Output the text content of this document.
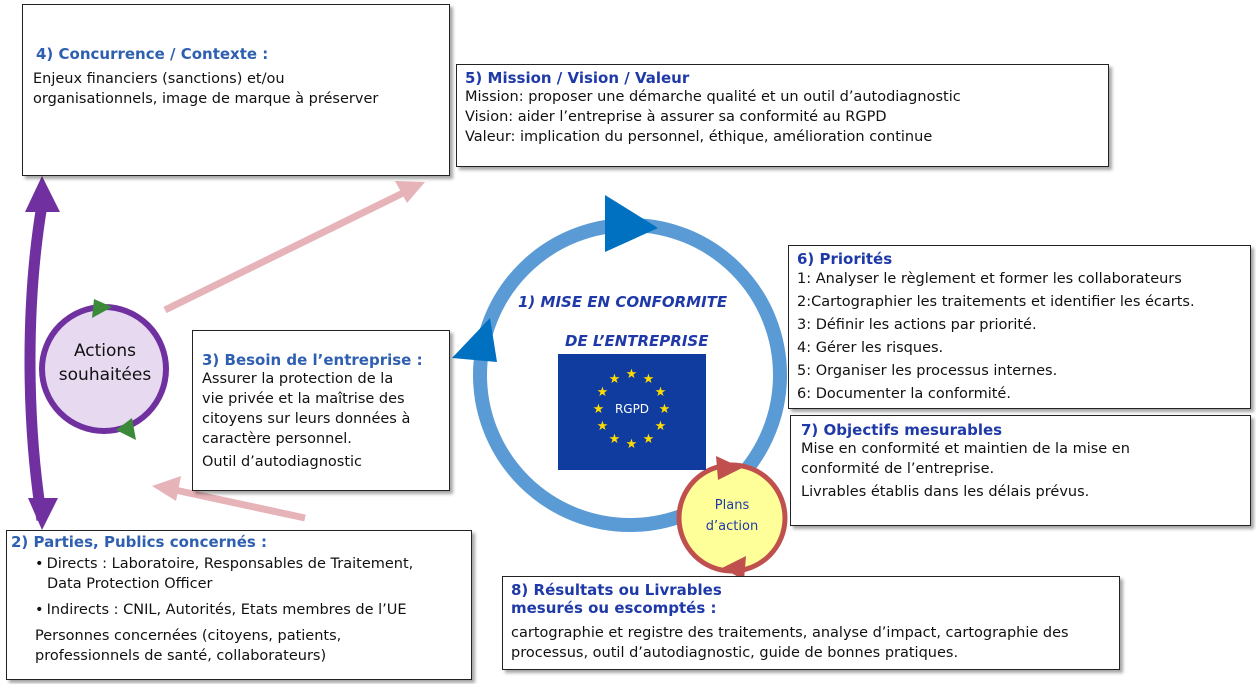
★ ★
★
★
★
★
★
★
★
★
★
★
RGPD
1) MISE EN CONFORMITE
DE L’ENTREPRISE
Actions
souhaitées
Plans
d’action
4) Concurrence / Contexte :
Enjeux financiers (sanctions) et/ou
organisationnels, image de marque à préserver
5) Mission / Vision / Valeur
Mission: proposer une démarche qualité et un outil d’autodiagnostic
Vision: aider l’entreprise à assurer sa conformité au RGPD
Valeur: implication du personnel, éthique, amélioration continue
6) Priorités
1: Analyser le règlement et former les collaborateurs
2:Cartographier les traitements et identifier les écarts.
3: Définir les actions par priorité.
4: Gérer les risques.
5: Organiser les processus internes.
6: Documenter la conformité.
7) Objectifs mesurables
Mise en conformité et maintien de la mise en
conformité de l’entreprise.
Livrables établis dans les délais prévus.
3) Besoin de l’entreprise :
Assurer la protection de la
vie privée et la maîtrise des
citoyens sur leurs données à
caractère personnel.
Outil d’autodiagnostic
2) Parties, Publics concernés :
• Directs : Laboratoire, Responsables de Traitement,
Data Protection Officer
• Indirects : CNIL, Autorités, Etats membres de l’UE
Personnes concernées (citoyens, patients,
professionnels de santé, collaborateurs)
8) Résultats ou Livrables
mesurés ou escomptés :
cartographie et registre des traitements, analyse d’impact, cartographie des
processus, outil d’autodiagnostic, guide de bonnes pratiques.
